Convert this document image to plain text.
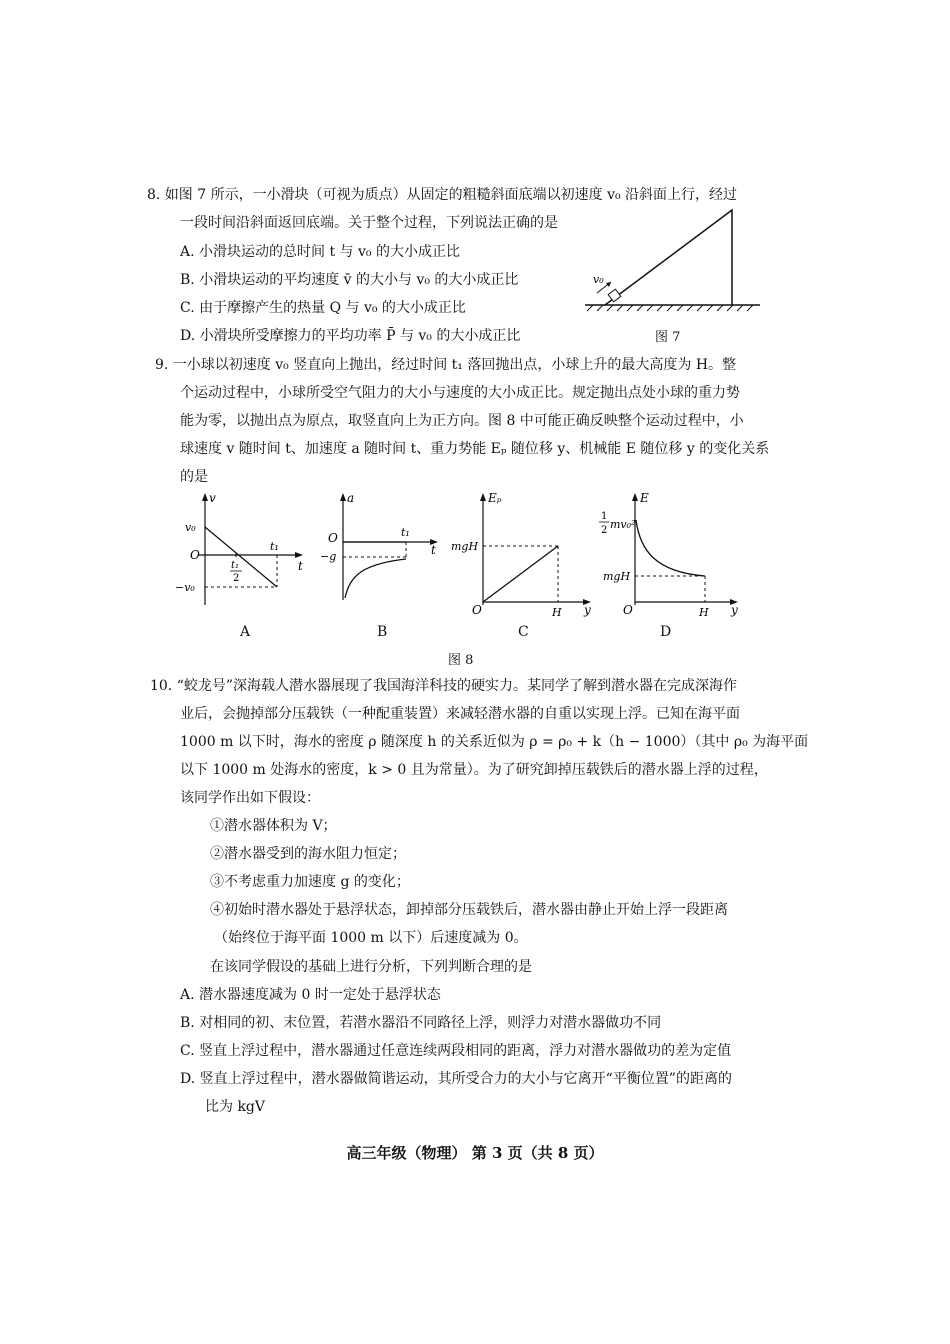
8. 如图 7 所示，一小滑块（可视为质点）从固定的粗糙斜面底端以初速度 v₀ 沿斜面上行，经过
一段时间沿斜面返回底端。关于整个过程，下列说法正确的是
A. 小滑块运动的总时间 t 与 v₀ 的大小成正比
B. 小滑块运动的平均速度 v̄ 的大小与 v₀ 的大小成正比
C. 由于摩擦产生的热量 Q 与 v₀ 的大小成正比
D. 小滑块所受摩擦力的平均功率 P̄ 与 v₀ 的大小成正比
v₀
图 7
9. 一小球以初速度 v₀ 竖直向上抛出，经过时间 t₁ 落回抛出点，小球上升的最大高度为 H。整
个运动过程中，小球所受空气阻力的大小与速度的大小成正比。规定抛出点处小球的重力势
能为零，以抛出点为原点，取竖直向上为正方向。图 8 中可能正确反映整个运动过程中，小
球速度 v 随时间 t、加速度 a 随时间 t、重力势能 Eₚ 随位移 y、机械能 E 随位移 y 的变化关系
的是
v
t
O
v₀
−v₀
t₁
t₁
2
A
a
t
O
−g
t₁
B
Eₚ
y
O
mgH
H
C
E
y
O
1
2 mv₀²
mgH
H
D
图 8
10. “蛟龙号”深海载人潜水器展现了我国海洋科技的硬实力。某同学了解到潜水器在完成深海作
业后，会抛掉部分压载铁（一种配重装置）来减轻潜水器的自重以实现上浮。已知在海平面
1000 m 以下时，海水的密度 ρ 随深度 h 的关系近似为 ρ = ρ₀ + k（h − 1000）（其中 ρ₀ 为海平面
以下 1000 m 处海水的密度，k > 0 且为常量）。为了研究卸掉压载铁后的潜水器上浮的过程，
该同学作出如下假设：
①潜水器体积为 V；
②潜水器受到的海水阻力恒定；
③不考虑重力加速度 g 的变化；
④初始时潜水器处于悬浮状态，卸掉部分压载铁后，潜水器由静止开始上浮一段距离
（始终位于海平面 1000 m 以下）后速度减为 0。
在该同学假设的基础上进行分析，下列判断合理的是
A. 潜水器速度减为 0 时一定处于悬浮状态
B. 对相同的初、末位置，若潜水器沿不同路径上浮，则浮力对潜水器做功不同
C. 竖直上浮过程中，潜水器通过任意连续两段相同的距离，浮力对潜水器做功的差为定值
D. 竖直上浮过程中，潜水器做简谐运动，其所受合力的大小与它离开“平衡位置”的距离的
比为 kgV
高三年级（物理） 第 3 页（共 8 页）
